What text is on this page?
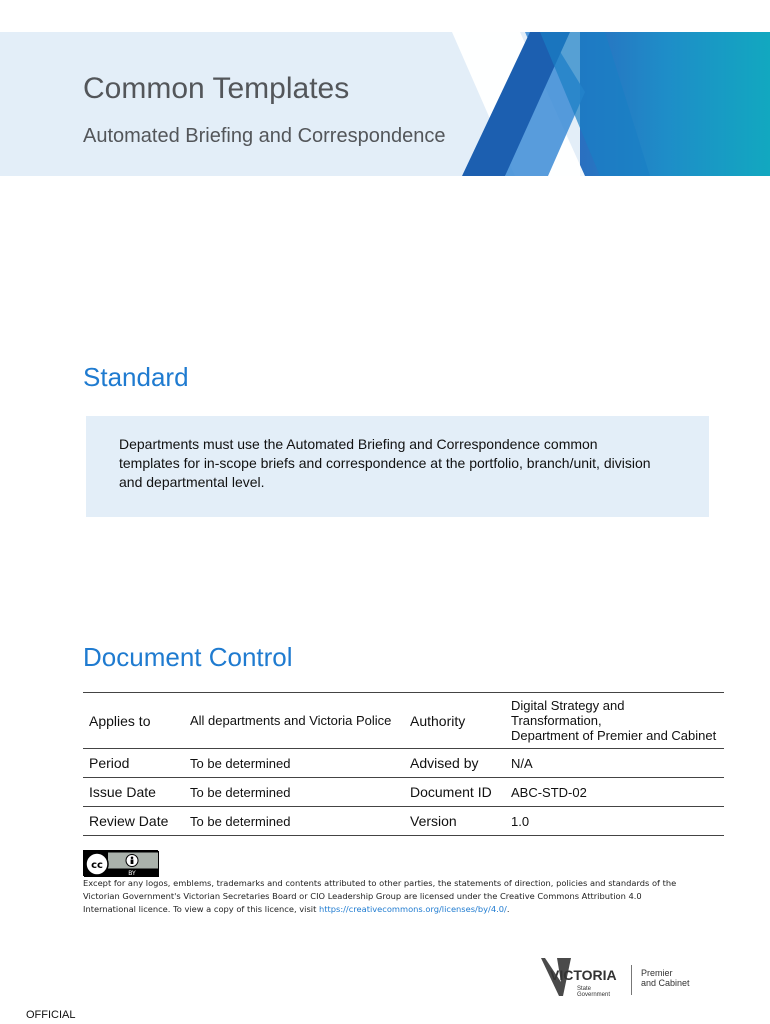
Common Templates
Automated Briefing and Correspondence
Standard

Departments must use the Automated Briefing and Correspondence common templates for in-scope briefs and correspondence at the portfolio, branch/unit, division and departmental level.

Document Control
Applies to	All departments and Victoria Police	Authority	Digital Strategy and
Transformation,
Department of Premier and Cabinet

Period	To be determined	Advised by	N/A
Issue Date	To be determined	Document ID	ABC-STD-02
Review Date	To be determined	Version	1.0
cc
BY

Except for any logos, emblems, trademarks and contents attributed to other parties, the statements of direction, policies and standards of the Victorian Government's Victorian Secretaries Board or CIO Leadership Group are licensed under the Creative Commons Attribution 4.0 International licence. To view a copy of this licence, visit https://creativecommons.org/licenses/by/4.0/.

VICTORIA
State
Government
Premier
and Cabinet
OFFICIAL
